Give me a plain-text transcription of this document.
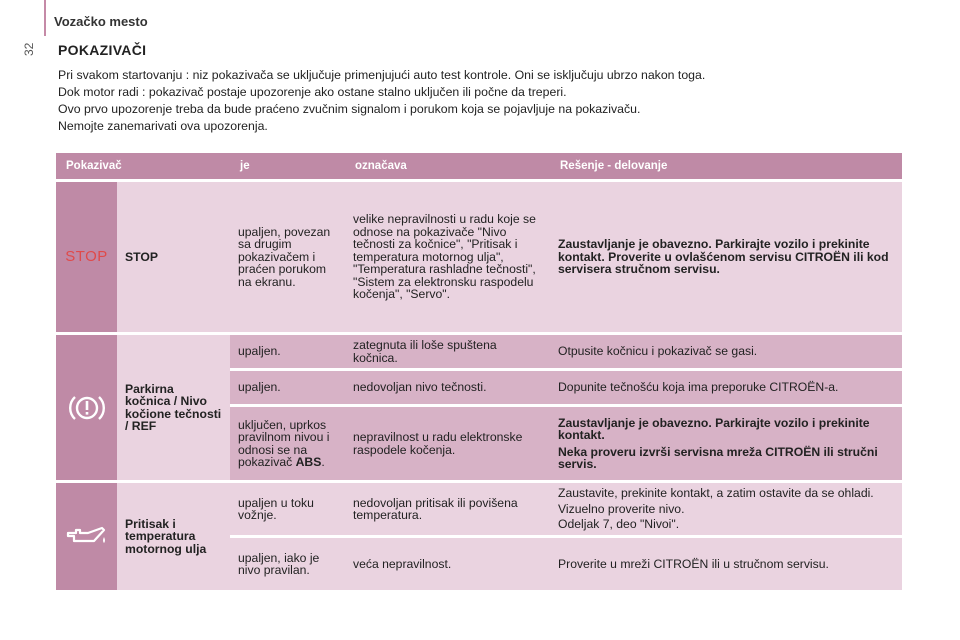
Vozačko mesto
32 POKAZIVAČI

Pri svakom startovanju : niz pokazivača se uključuje primenjujući auto test kontrole. Oni se isključuju ubrzo nakon toga.

Dok motor radi : pokazivač postaje upozorenje ako ostane stalno uključen ili počne da treperi.

Ovo prvo upozorenje treba da bude praćeno zvučnim signalom i porukom koja se pojavljuje na pokazivaču.

Nemojte zanemarivati ova upozorenja.

Pokazivač		je	označava	Rešenje - delovanje
STOP	STOP	upaljen, povezan sa drugim pokazivačem i praćen porukom na ekranu.	velike nepravilnosti u radu koje se odnose na pokazivače "Nivo tečnosti za kočnice", "Pritisak i temperatura motornog ulja", "Temperatura rashladne tečnosti", "Sistem za elektronsku raspodelu kočenja", "Servo".	Zaustavljanje je obavezno. Parkirajte vozilo i prekinite kontakt. Proverite u ovlašćenom servisu CITROËN ili kod servisera stručnom servisu.

	Parkirna kočnica / Nivo kočione tečnosti / REF	upaljen.	zategnuta ili loše spuštena kočnica.	Otpusite kočnicu i pokazivač se gasi.
		upaljen.	nedovoljan nivo tečnosti.	Dopunite tečnošću koja ima preporuke CITROËN-a.
		uključen, uprkos pravilnom nivou i odnosi se na pokazivač ABS.	nepravilnost u radu elektronske raspodele kočenja.	Zaustavljanje je obavezno. Parkirajte vozilo i prekinite kontakt.
Neka proveru izvrši servisna mreža CITROËN ili stručni servis.

	Pritisak i temperatura motornog ulja	upaljen u toku vožnje.	nedovoljan pritisak ili povišena temperatura.	Zaustavite, prekinite kontakt, a zatim ostavite da se ohladi.
Vizuelno proverite nivo.
Odeljak 7, deo "Nivoi".

		upaljen, iako je nivo pravilan.	veća nepravilnost.	Proverite u mreži CITROËN ili u stručnom servisu.
